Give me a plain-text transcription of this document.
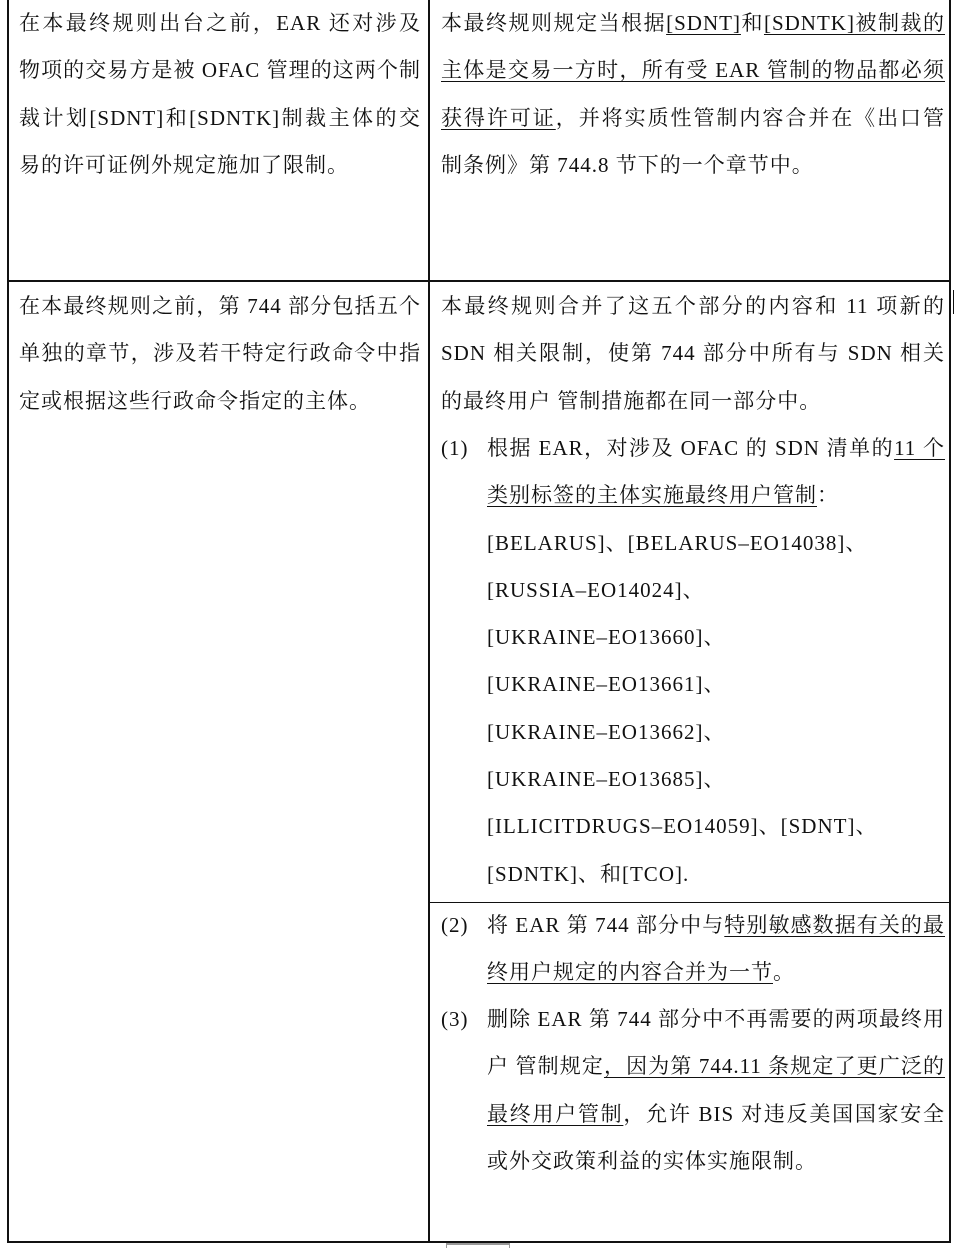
在本最终规则出台之前，EAR 还对涉及物项的交易方是被 OFAC 管理的这两个制裁计划[SDNT]和[SDNTK]制裁主体的交易的许可证例外规定施加了限制。
本最终规则规定当根据[SDNT]和[SDNTK]被制裁的主体是交易一方时，所有受 EAR 管制的物品都必须获得许可证，并将实质性管制内容合并在《出口管制条例》第 744.8 节下的一个章节中。
在本最终规则之前，第 744 部分包括五个单独的章节，涉及若干特定行政命令中指定或根据这些行政命令指定的主体。
本最终规则合并了这五个部分的内容和 11 项新的 SDN 相关限制，使第 744 部分中所有与 SDN 相关的最终用户 管制措施都在同一部分中。
(1) 根据 EAR，对涉及 OFAC 的 SDN 清单的11 个类别标签的主体实施最终用户管制：
[BELARUS]、[BELARUS–EO14038]、
[RUSSIA–EO14024]、
[UKRAINE–EO13660]、
[UKRAINE–EO13661]、
[UKRAINE–EO13662]、
[UKRAINE–EO13685]、
[ILLICITDRUGS–EO14059]、[SDNT]、
[SDNTK]、和[TCO].
(2) 将 EAR 第 744 部分中与特别敏感数据有关的最终用户规定的内容合并为一节。
(3) 删除 EAR 第 744 部分中不再需要的两项最终用户 管制规定，因为第 744.11 条规定了更广泛的最终用户管制，允许 BIS 对违反美国国家安全或外交政策利益的实体实施限制。
